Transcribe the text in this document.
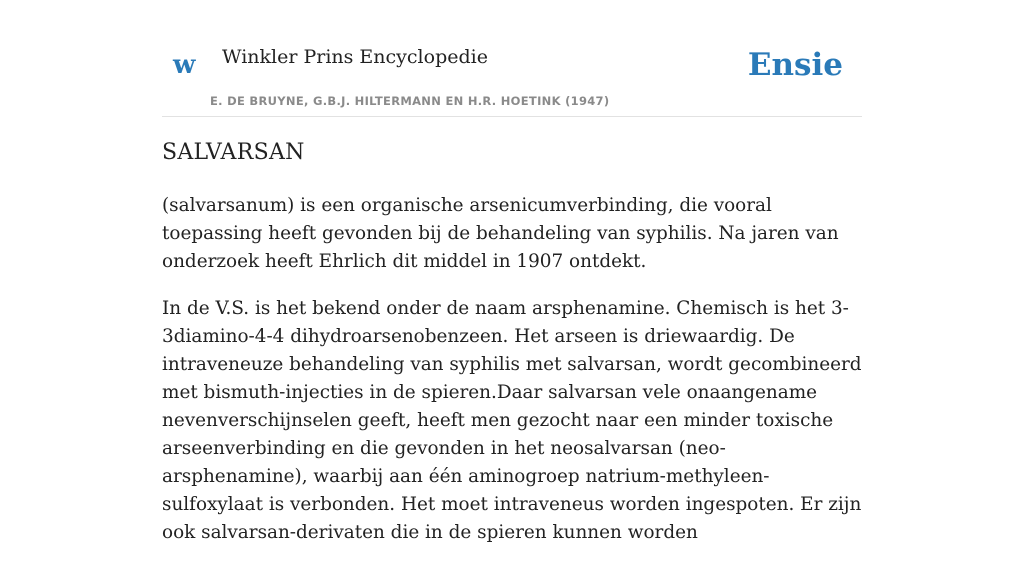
w Winkler Prins Encyclopedie
E. DE BRUYNE, G.B.J. HILTERMANN EN H.R. HOETINK (1947)
Ensie
SALVARSAN

(salvarsanum) is een organische arsenicumverbinding, die vooral toepassing heeft gevonden bij de behandeling van syphilis. Na jaren van onderzoek heeft Ehrlich dit middel in 1907 ontdekt.

In de V.S. is het bekend onder de naam arsphenamine. Chemisch is het 3-3diamino-4-4 dihydroarsenobenzeen. Het arseen is driewaardig. De intraveneuze behandeling van syphilis met salvarsan, wordt gecombineerd met bismuth-injecties in de spieren.Daar salvarsan vele onaangename nevenverschijnselen geeft, heeft men gezocht naar een minder toxische arseenverbinding en die gevonden in het neosalvarsan (neo-arsphenamine), waarbij aan één aminogroep natrium-methyleen-sulfoxylaat is verbonden. Het moet intraveneus worden ingespoten. Er zijn ook salvarsan-derivaten die in de spieren kunnen worden
